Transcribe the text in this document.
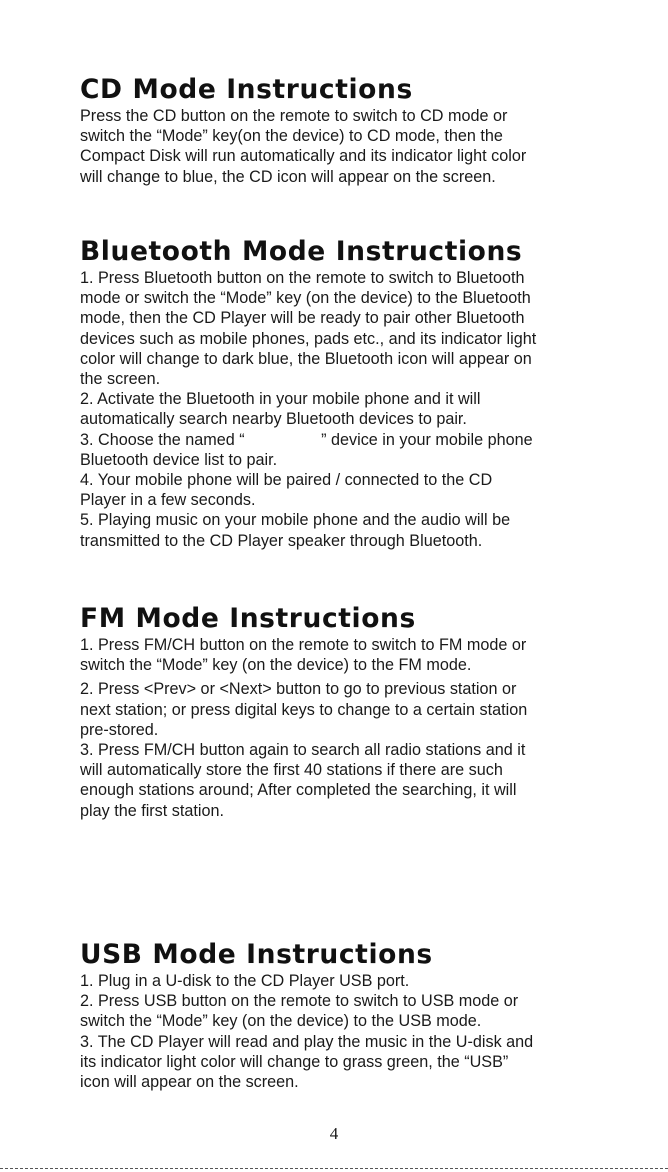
CD Mode Instructions

Press the CD button on the remote to switch to CD mode or
switch the “Mode” key(on the device) to CD mode, then the
Compact Disk will run automatically and its indicator light color
will change to blue, the CD icon will appear on the screen.

Bluetooth Mode Instructions

1. Press Bluetooth button on the remote to switch to Bluetooth
mode or switch the “Mode” key (on the device) to the Bluetooth
mode, then the CD Player will be ready to pair other Bluetooth
devices such as mobile phones, pads etc., and its indicator light
color will change to dark blue, the Bluetooth icon will appear on
the screen.
2. Activate the Bluetooth in your mobile phone and it will
automatically search nearby Bluetooth devices to pair.
3. Choose the named “                 ” device in your mobile phone
Bluetooth device list to pair.
4. Your mobile phone will be paired / connected to the CD
Player in a few seconds.
5. Playing music on your mobile phone and the audio will be
transmitted to the CD Player speaker through Bluetooth.

FM Mode Instructions

1. Press FM/CH button on the remote to switch to FM mode or
switch the “Mode” key (on the device) to the FM mode.
2. Press <Prev> or <Next> button to go to previous station or
next station; or press digital keys to change to a certain station
pre-stored.
3. Press FM/CH button again to search all radio stations and it
will automatically store the first 40 stations if there are such
enough stations around; After completed the searching, it will
play the first station.

USB Mode Instructions

1. Plug in a U-disk to the CD Player USB port.
2. Press USB button on the remote to switch to USB mode or
switch the “Mode” key (on the device) to the USB mode.
3. The CD Player will read and play the music in the U-disk and
its indicator light color will change to grass green, the “USB”
icon will appear on the screen.

4
